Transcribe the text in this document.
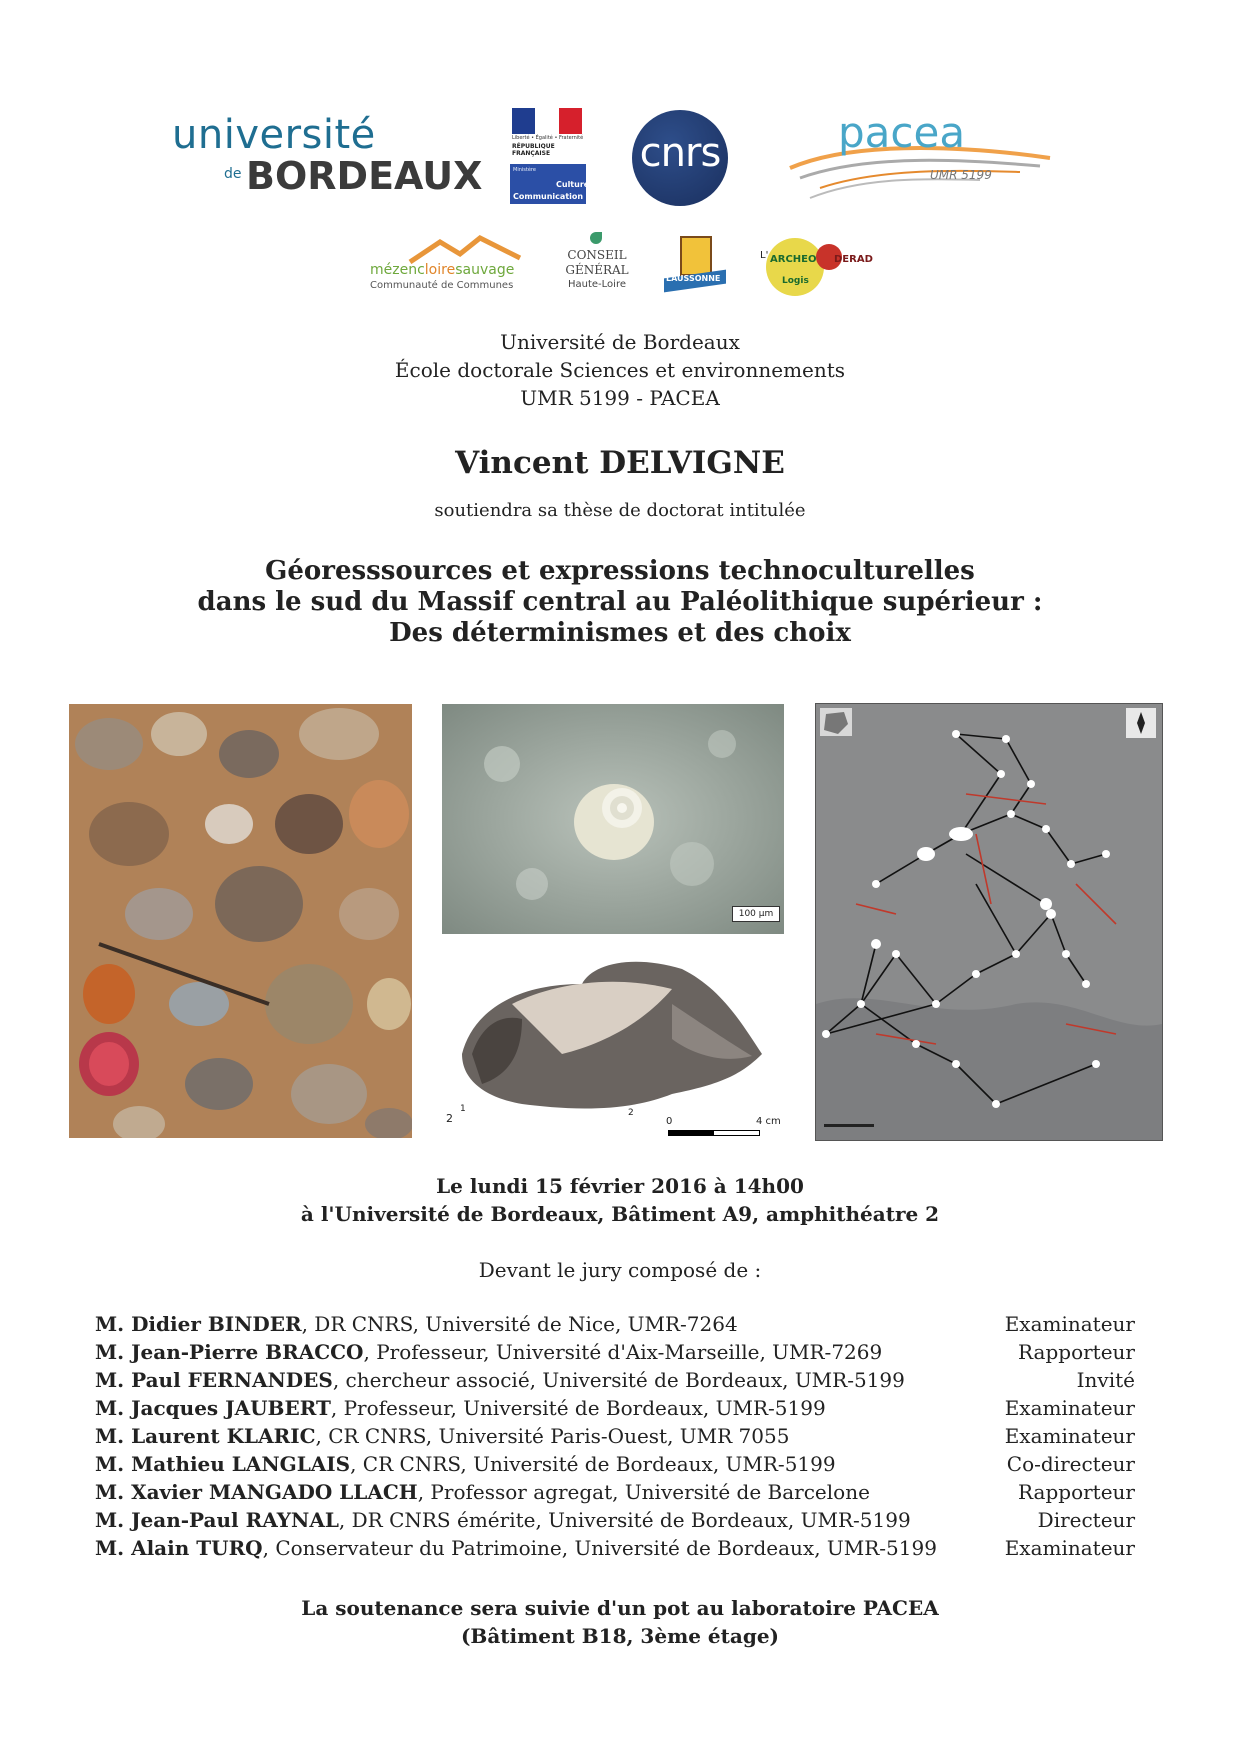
université
de BORDEAUX
Liberté • Égalité • Fraternité
RÉPUBLIQUE FRANÇAISE
Ministère
Culture
Communication
cnrs	pacea
UMR 5199
mézencloiresauvage
Communauté de Communes
CONSEIL
GÉNÉRAL
Haute-Loire
LAUSSONNE
L' ARCHEO DERAD
Logis
Université de Bordeaux
École doctorale Sciences et environnements
UMR 5199 - PACEA
Vincent DELVIGNE
soutiendra sa thèse de doctorat intitulée
Géoresssources et expressions technoculturelles
dans le sud du Massif central au Paléolithique supérieur :
Des déterminismes et des choix
100 µm
2
1	2
0	4 cm
Le lundi 15 février 2016 à 14h00
à l'Université de Bordeaux, Bâtiment A9, amphithéatre 2
Devant le jury composé de :
M. Didier BINDER, DR CNRS, Université de Nice, UMR-7264	Examinateur
M. Jean-Pierre BRACCO, Professeur, Université d'Aix-Marseille, UMR-7269	Rapporteur
M. Paul FERNANDES, chercheur associé, Université de Bordeaux, UMR-5199	Invité
M. Jacques JAUBERT, Professeur, Université de Bordeaux, UMR-5199	Examinateur
M. Laurent KLARIC, CR CNRS, Université Paris-Ouest, UMR 7055	Examinateur
M. Mathieu LANGLAIS, CR CNRS, Université de Bordeaux, UMR-5199	Co-directeur
M. Xavier MANGADO LLACH, Professor agregat, Université de Barcelone	Rapporteur
M. Jean-Paul RAYNAL, DR CNRS émérite, Université de Bordeaux, UMR-5199	Directeur
M. Alain TURQ, Conservateur du Patrimoine, Université de Bordeaux, UMR-5199	Examinateur
La soutenance sera suivie d'un pot au laboratoire PACEA
(Bâtiment B18, 3ème étage)
